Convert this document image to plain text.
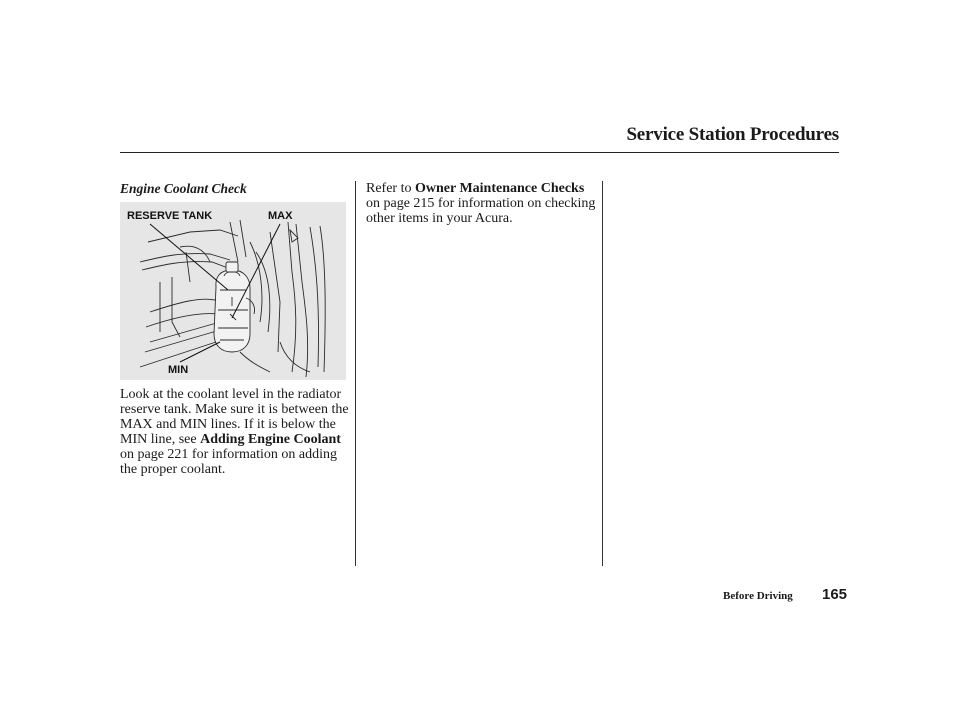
Service Station Procedures
Engine Coolant Check
RESERVE TANK	MAX
MIN
Look at the coolant level in the radiator reserve tank. Make sure it is between the MAX and MIN lines. If it is below the MIN line, see Adding Engine Coolant on page 221 for information on adding the proper coolant.
Refer to Owner Maintenance Checks on page 215 for information on checking other items in your Acura.
Before Driving 165
